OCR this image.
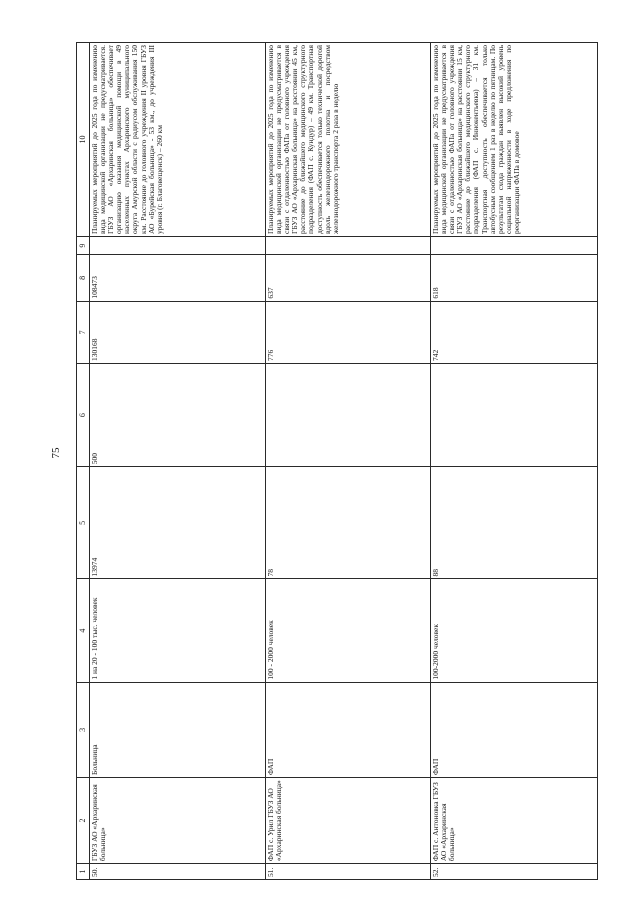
75
1	2	3	4	5	6	7	8	9	10
50.	ГБУЗ АО «Архаринская больница»	Больница	1 на 20 - 100 тыс. человек	13974	500	130168	108473		Планируемых мероприятий до 2025 года по изменению вида медицинской организации не предусматривается. ГБУЗ АО «Архаринская больница» обеспечивает организацию оказания медицинской помощи в 49 населенных пунктах Архаринского муниципального округа Амурской области с радиусом обслуживания 150 км. Расстояние до головного учреждения II уровня ГБУЗ АО «Бурейская больница» - 53 км., до учреждения III уровня (г. Благовещенск) – 260 км

51.	ФАП с. Урил ГБУЗ АО «Архаринская больница»	ФАП	100 - 2000 человек	78		776	637		Планируемых мероприятий до 2025 года по изменению вида медицинской организации не предусматривается в связи с отдаленностью ФАПа от головного учреждения ГБУЗ АО «Архаринская больница» на расстоянии 45 км, расстояние до ближайшего медицинского структурного подразделения (ФАП с. Кундур) – 49 км. Транспортная доступность обеспечивается только технической дорогой вдоль железнодорожного полотна и посредством железнодорожного транспорта 2 раза в неделю

52.	ФАП с. Антоновка ГБУЗ АО «Архаринская больница»	ФАП	100-2000 человек	88		742	618		Планируемых мероприятий до 2025 года по изменению вида медицинской организации не предусматривается в связи с отдаленностью ФАПа от головного учреждения ГБУЗ АО «Архаринская больница» на расстоянии 15 км, расстояние до ближайшего медицинского структурного подразделения (ФАП с. Иннокентьевка) – 31 км. Транспортная доступность обеспечивается только автобусным сообщением 1 раз в неделю по пятницам. По результатам схода граждан выявлен высокий уровень социальной напряженности в ходе предложения по реорганизации ФАПа в домовое
